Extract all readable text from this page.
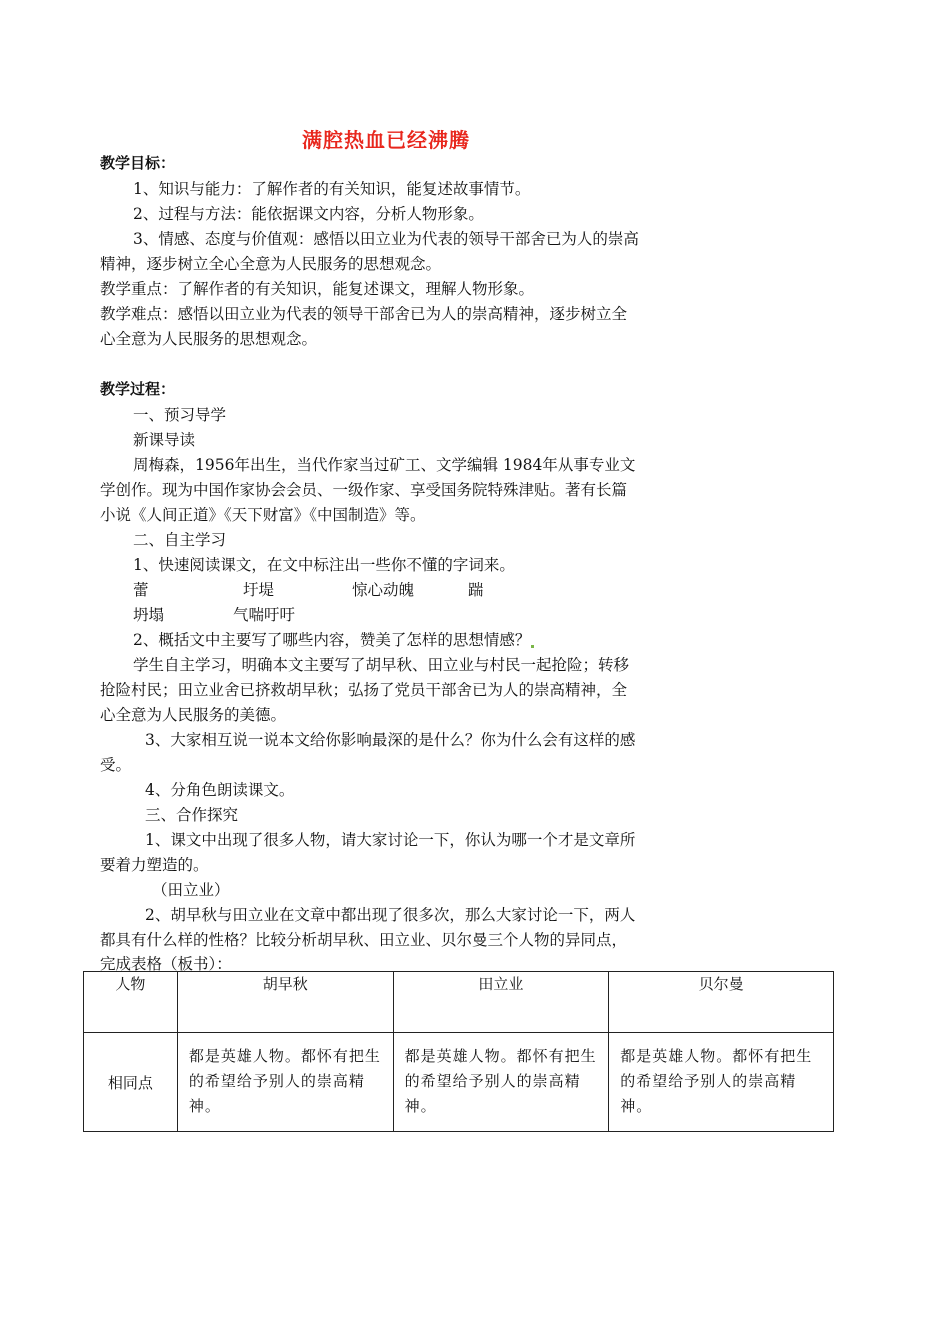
满腔热血已经沸腾
教学目标：
1、知识与能力：了解作者的有关知识，能复述故事情节。
2、过程与方法：能依据课文内容，分析人物形象。
3、情感、态度与价值观：感悟以田立业为代表的领导干部舍已为人的崇高
精神，逐步树立全心全意为人民服务的思想观念。
教学重点：了解作者的有关知识，能复述课文，理解人物形象。
教学难点：感悟以田立业为代表的领导干部舍已为人的崇高精神，逐步树立全
心全意为人民服务的思想观念。
教学过程：
一、预习导学
新课导读
周梅森，1956年出生，当代作家当过矿工、文学编辑 1984年从事专业文
学创作。现为中国作家协会会员、一级作家、享受国务院特殊津贴。著有长篇
小说《人间正道》《天下财富》《中国制造》等。
二、自主学习
1、快速阅读课文，在文中标注出一些你不懂的字词来。
蕾	圩堤	惊心动魄	踹
坍塌	气喘吁吁
2、概括文中主要写了哪些内容，赞美了怎样的思想情感？
学生自主学习，明确本文主要写了胡早秋、田立业与村民一起抢险；转移
抢险村民；田立业舍已挤救胡早秋；弘扬了党员干部舍已为人的崇高精神，全
心全意为人民服务的美德。
3、大家相互说一说本文给你影响最深的是什么？你为什么会有这样的感
受。
4、分角色朗读课文。
三、合作探究
1、课文中出现了很多人物，请大家讨论一下，你认为哪一个才是文章所
要着力塑造的。
（田立业）
2、胡早秋与田立业在文章中都出现了很多次，那么大家讨论一下，两人
都具有什么样的性格？比较分析胡早秋、田立业、贝尔曼三个人物的异同点，
完成表格（板书）：
人物	胡早秋	田立业	贝尔曼
相同点	都是英雄人物。都怀有把生的希望给予别人的崇高精神。	都是英雄人物。都怀有把生的希望给予别人的崇高精神。	都是英雄人物。都怀有把生的希望给予别人的崇高精神。
